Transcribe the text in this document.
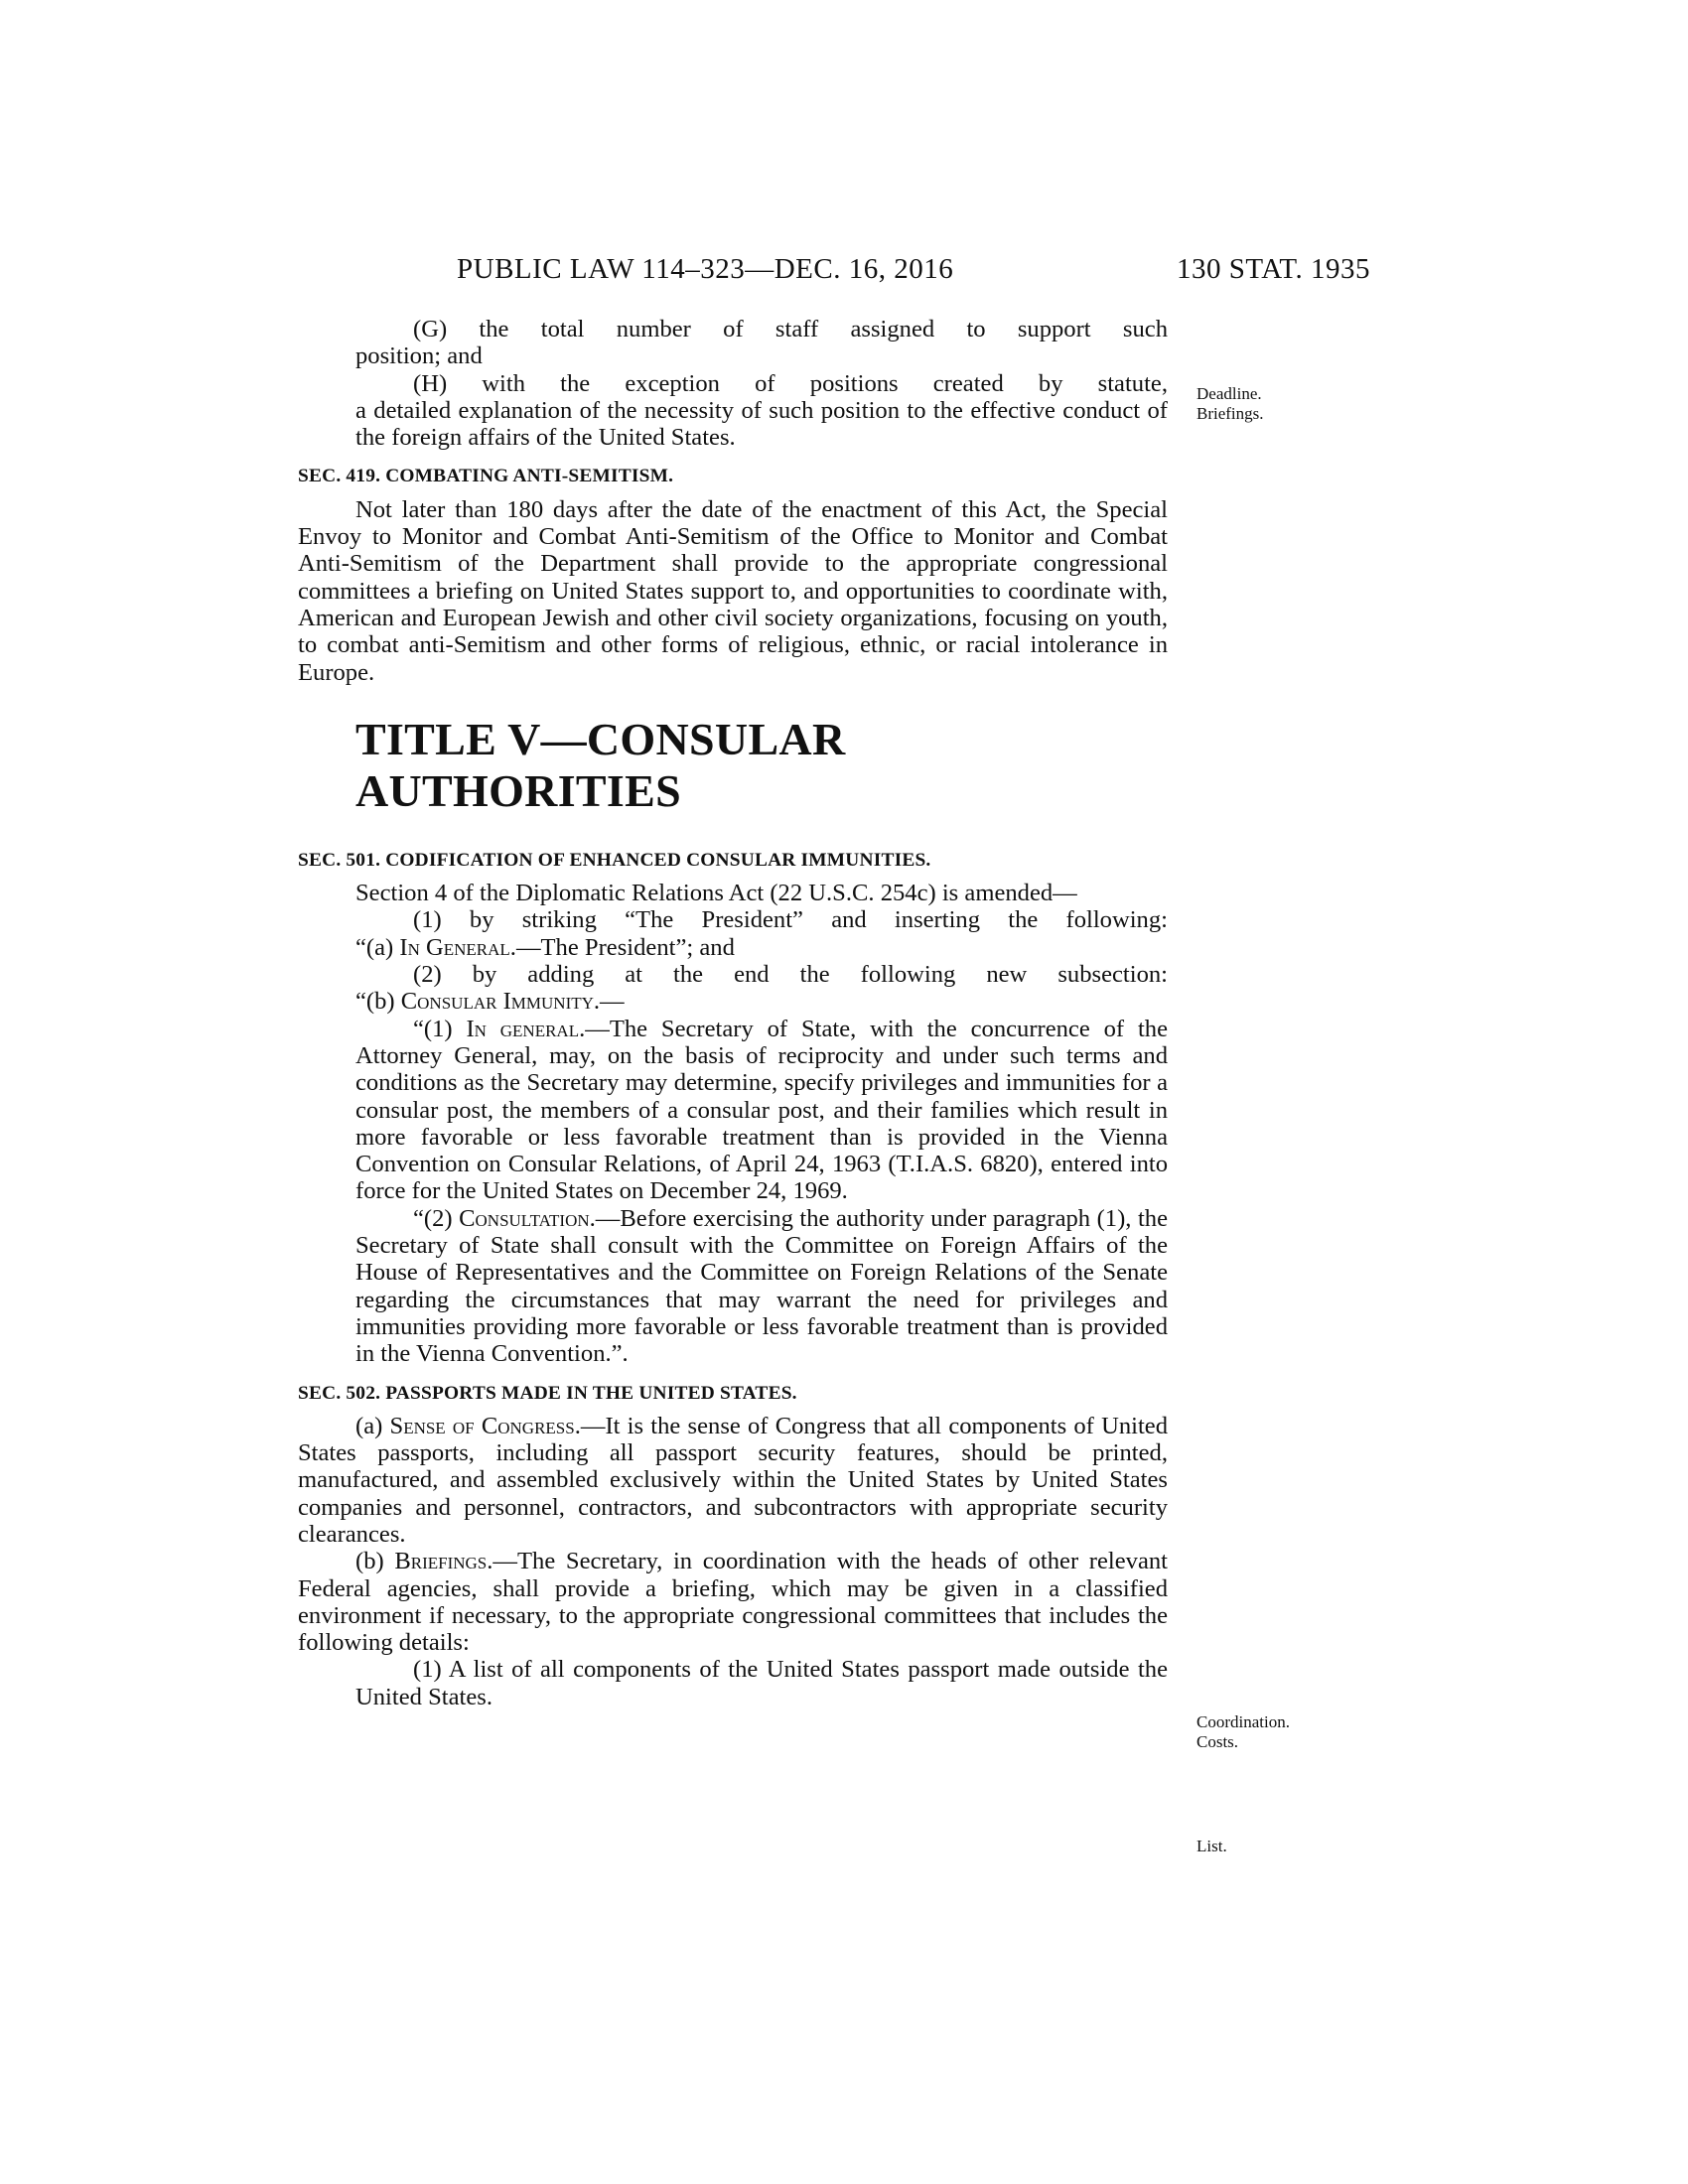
PUBLIC LAW 114–323—DEC. 16, 2016	130 STAT. 1935
Deadline.
Briefings.
Coordination.
Costs.
List.

(G) the total number of staff assigned to support such

position; and

(H) with the exception of positions created by statute,

a detailed explanation of the necessity of such position to the effective conduct of the foreign affairs of the United States.

SEC. 419. COMBATING ANTI-SEMITISM.

Not later than 180 days after the date of the enactment of this Act, the Special Envoy to Monitor and Combat Anti-Semitism of the Office to Monitor and Combat Anti-Semitism of the Department shall provide to the appropriate congressional committees a briefing on United States support to, and opportunities to coordinate with, American and European Jewish and other civil society organizations, focusing on youth, to combat anti-Semitism and other forms of religious, ethnic, or racial intolerance in Europe.

TITLE V—CONSULAR AUTHORITIES

SEC. 501. CODIFICATION OF ENHANCED CONSULAR IMMUNITIES.

Section 4 of the Diplomatic Relations Act (22 U.S.C. 254c) is amended—

(1) by striking “The President” and inserting the following:

“(a) In General.—The President”; and

(2) by adding at the end the following new subsection:

“(b) Consular Immunity.—

“(1) In general.—The Secretary of State, with the concurrence of the Attorney General, may, on the basis of reciprocity and under such terms and conditions as the Secretary may determine, specify privileges and immunities for a consular post, the members of a consular post, and their families which result in more favorable or less favorable treatment than is provided in the Vienna Convention on Consular Relations, of April 24, 1963 (T.I.A.S. 6820), entered into force for the United States on December 24, 1969.

“(2) Consultation.—Before exercising the authority under paragraph (1), the Secretary of State shall consult with the Committee on Foreign Affairs of the House of Representatives and the Committee on Foreign Relations of the Senate regarding the circumstances that may warrant the need for privileges and immunities providing more favorable or less favorable treatment than is provided in the Vienna Convention.”.

SEC. 502. PASSPORTS MADE IN THE UNITED STATES.

(a) Sense of Congress.—It is the sense of Congress that all components of United States passports, including all passport security features, should be printed, manufactured, and assembled exclusively within the United States by United States companies and personnel, contractors, and subcontractors with appropriate security clearances.

(b) Briefings.—The Secretary, in coordination with the heads of other relevant Federal agencies, shall provide a briefing, which may be given in a classified environment if necessary, to the appropriate congressional committees that includes the following details:

(1) A list of all components of the United States passport made outside the United States.
